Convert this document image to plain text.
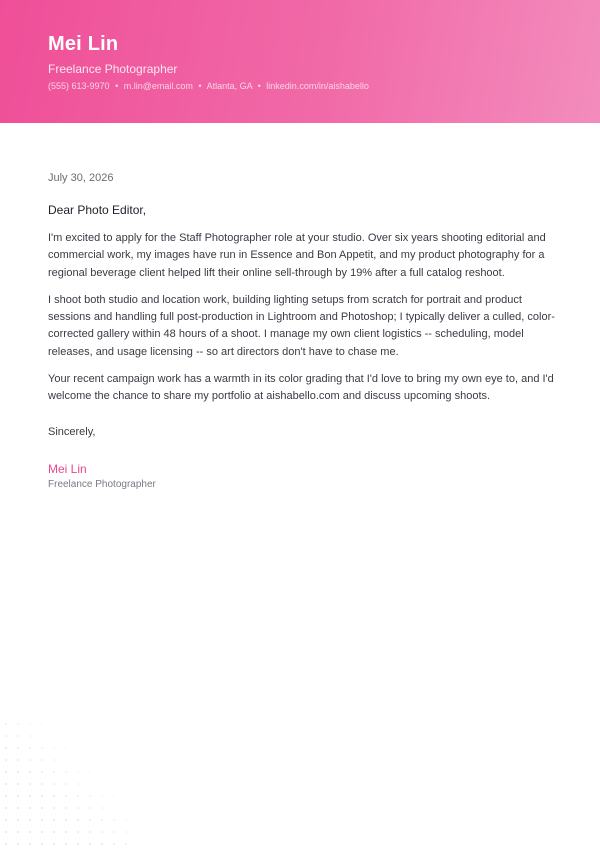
Mei Lin
Freelance Photographer
(555) 613-9970 • m.lin@email.com • Atlanta, GA • linkedin.com/in/aishabello

July 30, 2026

Dear Photo Editor,

I'm excited to apply for the Staff Photographer role at your studio. Over six years shooting editorial and commercial work, my images have run in Essence and Bon Appetit, and my product photography for a regional beverage client helped lift their online sell-through by 19% after a full catalog reshoot.

I shoot both studio and location work, building lighting setups from scratch for portrait and product sessions and handling full post-production in Lightroom and Photoshop; I typically deliver a culled, color-corrected gallery within 48 hours of a shoot. I manage my own client logistics -- scheduling, model releases, and usage licensing -- so art directors don't have to chase me.

Your recent campaign work has a warmth in its color grading that I'd love to bring my own eye to, and I'd welcome the chance to share my portfolio at aishabello.com and discuss upcoming shoots.

Sincerely,

Mei Lin

Freelance Photographer
